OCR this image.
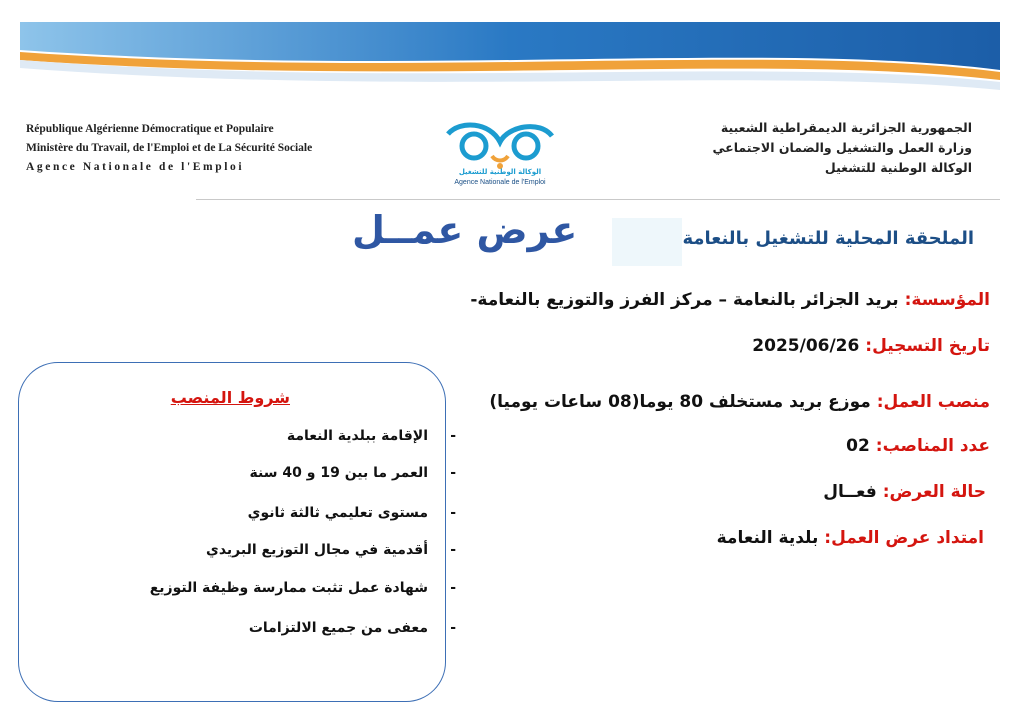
République Algérienne Démocratique et Populaire
Ministère du Travail, de l'Emploi et de La Sécurité Sociale
Agence Nationale de l'Emploi	الوكالة الوطنية للتشغيل
Agence Nationale de l'Emploi
الجمهورية الجزائرية الديمقراطية الشعبية
وزارة العمل والتشغيل والضمان الاجتماعي
الوكالة الوطنية للتشغيل
الملحقة المحلية للتشغيل بالنعامة
عرض عمــل
المؤسسة: بريد الجزائر بالنعامة – مركز الفرز والتوزيع بالنعامة-
تاريخ التسجيل: 2025/06/26
منصب العمل: موزع بريد مستخلف 80 يوما(08 ساعات يوميا)
عدد المناصب: 02
حالة العرض: فعــال
امتداد عرض العمل: بلدية النعامة
شروط المنصب
- الإقامة ببلدية النعامة
- العمر ما بين 19 و 40 سنة
- مستوى تعليمي ثالثة ثانوي
- أقدمية في مجال التوزيع البريدي
- شهادة عمل تثبت ممارسة وظيفة التوزيع
- معفى من جميع الالتزامات
